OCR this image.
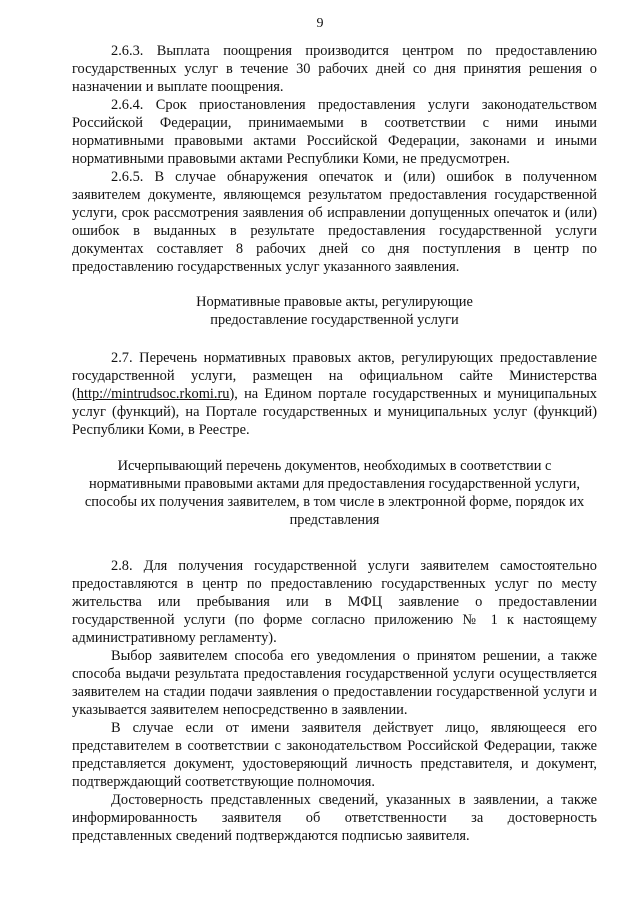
9

2.6.3. Выплата поощрения производится центром по предоставлению государственных услуг в течение 30 рабочих дней со дня принятия решения о назначении и выплате поощрения.

2.6.4. Срок приостановления предоставления услуги законодательством Российской Федерации, принимаемыми в соответствии с ними иными нормативными правовыми актами Российской Федерации, законами и иными нормативными правовыми актами Республики Коми, не предусмотрен.

2.6.5. В случае обнаружения опечаток и (или) ошибок в полученном заявителем документе, являющемся результатом предоставления государственной услуги, срок рассмотрения заявления об исправлении допущенных опечаток и (или) ошибок в выданных в результате предоставления государственной услуги документах составляет 8 рабочих дней со дня поступления в центр по предоставлению государственных услуг указанного заявления.

Нормативные правовые акты, регулирующие
предоставление государственной услуги

2.7. Перечень нормативных правовых актов, регулирующих предоставление государственной услуги, размещен на официальном сайте Министерства (http://mintrudsoc.rkomi.ru), на Едином портале государственных и муниципальных услуг (функций), на Портале государственных и муниципальных услуг (функций) Республики Коми, в Реестре.

Исчерпывающий перечень документов, необходимых в соответствии с
нормативными правовыми актами для предоставления государственной услуги,
способы их получения заявителем, в том числе в электронной форме, порядок их
представления

2.8. Для получения государственной услуги заявителем самостоятельно предоставляются в центр по предоставлению государственных услуг по месту жительства или пребывания или в МФЦ заявление о предоставлении государственной услуги (по форме согласно приложению № 1 к настоящему административному регламенту).

Выбор заявителем способа его уведомления о принятом решении, а также способа выдачи результата предоставления государственной услуги осуществляется заявителем на стадии подачи заявления о предоставлении государственной услуги и указывается заявителем непосредственно в заявлении.

В случае если от имени заявителя действует лицо, являющееся его представителем в соответствии с законодательством Российской Федерации, также представляется документ, удостоверяющий личность представителя, и документ, подтверждающий соответствующие полномочия.

Достоверность представленных сведений, указанных в заявлении, а также информированность заявителя об ответственности за достоверность представленных сведений подтверждаются подписью заявителя.
